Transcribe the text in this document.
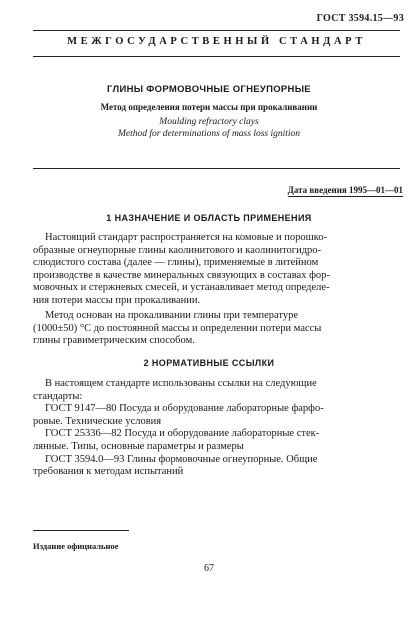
ГОСТ 3594.15—93
МЕЖГОСУДАРСТВЕННЫЙ СТАНДАРТ
ГЛИНЫ ФОРМОВОЧНЫЕ ОГНЕУПОРНЫЕ
Метод определения потери массы при прокаливании
Moulding refractory clays
Method for determinations of mass loss ignition
Дата введения 1995—01—01
1 НАЗНАЧЕНИЕ И ОБЛАСТЬ ПРИМЕНЕНИЯ
Настоящий стандарт распространяется на комовые и порошко-
образные огнеупорные глины каолинитового и каолинитогидро-
слюдистого состава (далее — глины), применяемые в литейном
производстве в качестве минеральных связующих в составах фор-
мовочных и стержневых смесей, и устанавливает метод определе-
ния потери массы при прокаливании.
Метод основан на прокаливании глины при температуре
(1000±50) °С до постоянной массы и определении потери массы
глины гравиметрическим способом.
2 НОРМАТИВНЫЕ ССЫЛКИ
В настоящем стандарте использованы ссылки на следующие
стандарты:
ГОСТ 9147—80 Посуда и оборудование лабораторные фарфо-
ровые. Технические условия
ГОСТ 25336—82 Посуда и оборудование лабораторные стек-
лянные. Типы, основные параметры и размеры
ГОСТ 3594.0—93 Глины формовочные огнеупорные. Общие
требования к методам испытаний
Издание официальное
67
